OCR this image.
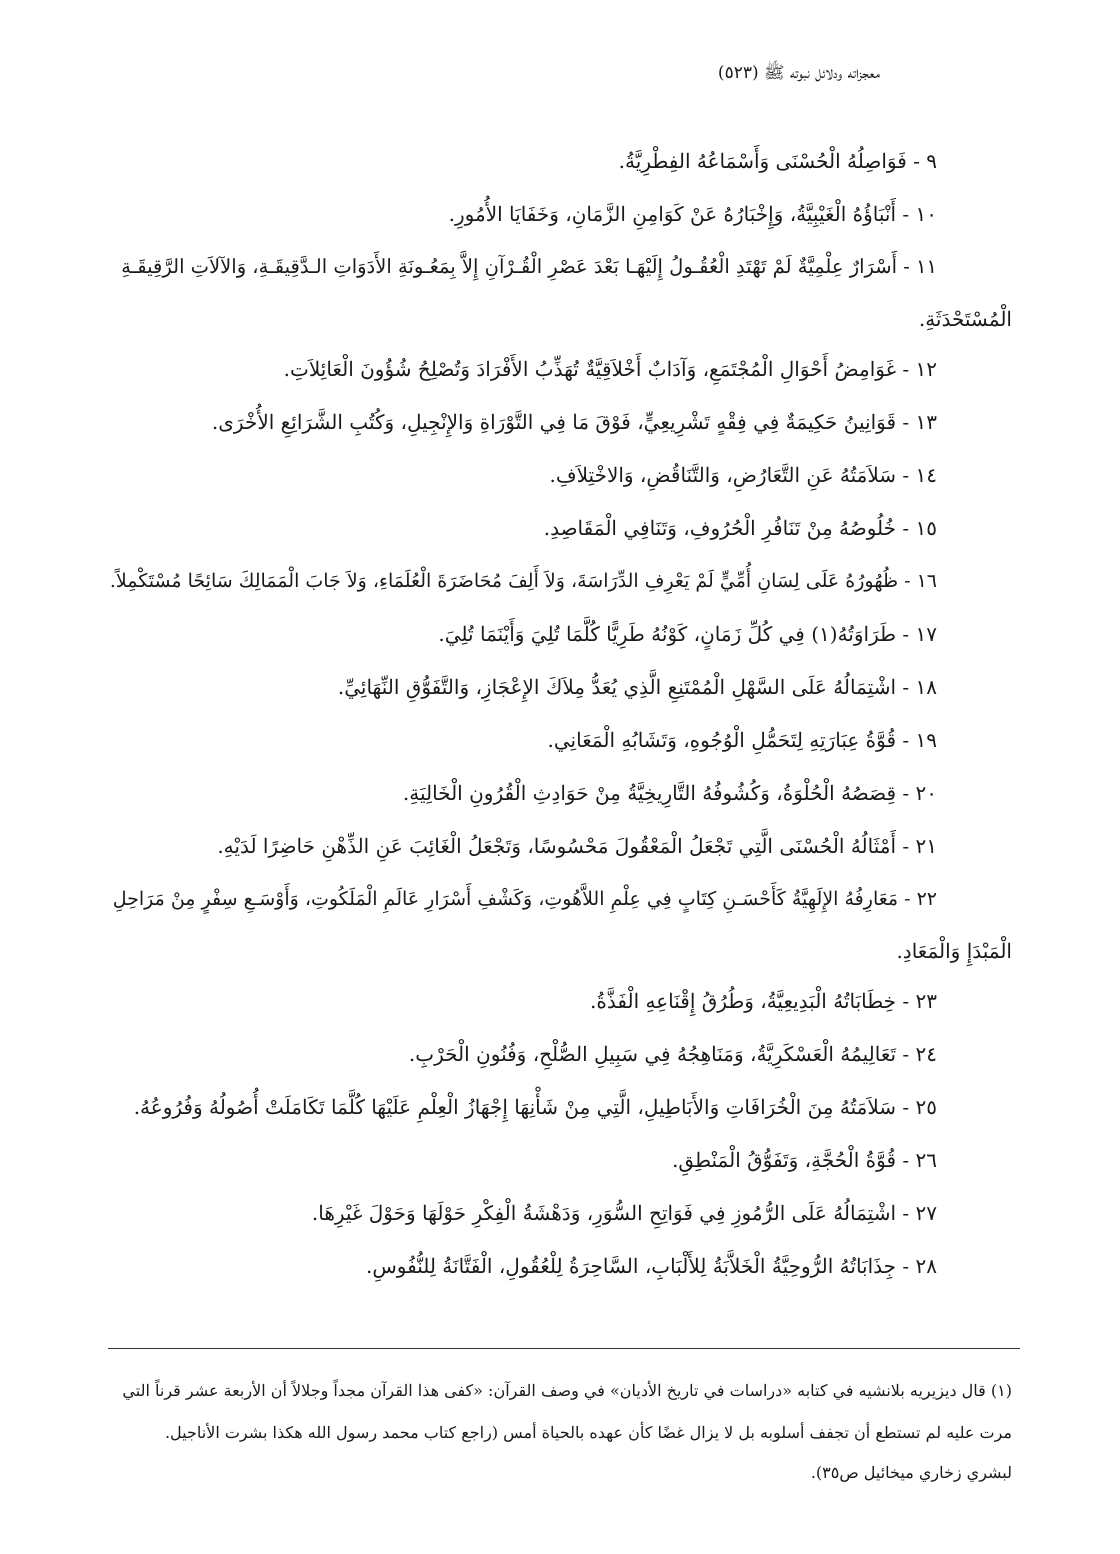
معجزاته ودلائل نبوته ﷺ (٥٢٣)
٩ - فَوَاصِلُهُ الْحُسْنَى وَأَسْمَاعُهُ الفِطْرِيَّةُ.
١٠ - أَنْبَاؤُهُ الْغَيْبِيَّةُ، وَإِخْبَارُهُ عَنْ كَوَامِنِ الزَّمَانِ، وَخَفَايَا الأُمُورِ.
١١ - أَسْرَارٌ عِلْمِيَّةٌ لَمْ تَهْتَدِ الْعُقُـولُ إِلَيْهَـا بَعْدَ عَصْرِ الْقُـرْآنِ إِلاَّ بِمَعُـونَةِ الأَدَوَاتِ الـدَّقِيقَـةِ، وَالآلاَتِ الرَّقِيقَـةِ
الْمُسْتَحْدَثَةِ.
١٢ - غَوَامِضُ أَحْوَالِ الْمُجْتَمَعِ، وَآدَابٌ أَخْلاَقِيَّةٌ تُهَذِّبُ الأَفْرَادَ وَتُصْلِحُ شُؤُونَ الْعَائِلاَتِ.
١٣ - قَوَانِينُ حَكِيمَةٌ فِي فِقْهٍ تَشْرِيعِيٍّ، فَوْقَ مَا فِي التَّوْرَاةِ وَالإِنْجِيلِ، وَكُتُبِ الشَّرَائِعِ الأُخْرَى.
١٤ - سَلاَمَتُهُ عَنِ التَّعَارُضِ، وَالتَّنَاقُضِ، وَالاخْتِلاَفِ.
١٥ - خُلُوصُهُ مِنْ تَنَافُرِ الْحُرُوفِ، وَتَنَافِي الْمَقَاصِدِ.
١٦ - ظُهُورُهُ عَلَى لِسَانِ أُمِّيٍّ لَمْ يَعْرِفِ الدِّرَاسَةَ، وَلاَ أَلِفَ مُحَاضَرَةَ الْعُلَمَاءِ، وَلاَ جَابَ الْمَمَالِكَ سَائِحًا مُسْتَكْمِلاً.
١٧ - طَرَاوَتُهُ(١) فِي كُلِّ زَمَانٍ، كَوْنُهُ طَرِيًّا كُلَّمَا تُلِيَ وَأَيْنَمَا تُلِيَ.
١٨ - اشْتِمَالُهُ عَلَى السَّهْلِ الْمُمْتَنِعِ الَّذِي يُعَدُّ مِلاَكَ الإِعْجَازِ، وَالتَّفَوُّقِ النِّهَائِيِّ.
١٩ - قُوَّةُ عِبَارَتِهِ لِتَحَمُّلِ الْوُجُوهِ، وَتَشَابُهِ الْمَعَانِي.
٢٠ - قِصَصُهُ الْحُلْوَةُ، وَكُشُوفُهُ التَّارِيخِيَّةُ مِنْ حَوَادِثِ الْقُرُونِ الْخَالِيَةِ.
٢١ - أَمْثَالُهُ الْحُسْنَى الَّتِي تَجْعَلُ الْمَعْقُولَ مَحْسُوسًا، وَتَجْعَلُ الْغَائِبَ عَنِ الذِّهْنِ حَاضِرًا لَدَيْهِ.
٢٢ - مَعَارِفُهُ الإِلَهِيَّةُ كَأَحْسَـنِ كِتَابٍ فِي عِلْمِ اللاَّهُوتِ، وَكَشْفِ أَسْرَارِ عَالَمِ الْمَلَكُوتِ، وَأَوْسَـعِ سِفْرٍ مِنْ مَرَاحِلِ
الْمَبْدَإِ وَالْمَعَادِ.
٢٣ - خِطَابَاتُهُ الْبَدِيعِيَّةُ، وَطُرُقُ إِقْنَاعِهِ الْفَذَّةُ.
٢٤ - تَعَالِيمُهُ الْعَسْكَرِيَّةُ، وَمَنَاهِجُهُ فِي سَبِيلِ الصُّلْحِ، وَفُنُونِ الْحَرْبِ.
٢٥ - سَلاَمَتُهُ مِنَ الْخُرَافَاتِ وَالأَبَاطِيلِ، الَّتِي مِنْ شَأْنِهَا إِجْهَازُ الْعِلْمِ عَلَيْهَا كُلَّمَا تَكَامَلَتْ أُصُولُهُ وَفُرُوعُهُ.
٢٦ - قُوَّةُ الْحُجَّةِ، وَتَفَوُّقُ الْمَنْطِقِ.
٢٧ - اشْتِمَالُهُ عَلَى الرُّمُوزِ فِي فَوَاتِحِ السُّوَرِ، وَدَهْشَةُ الْفِكْرِ حَوْلَهَا وَحَوْلَ غَيْرِهَا.
٢٨ - جِذَابَاتُهُ الرُّوحِيَّةُ الْخَلاَّبَةُ لِلأَلْبَابِ، السَّاحِرَةُ لِلْعُقُولِ، الْفَتَّانَةُ لِلنُّفُوسِ.
(١) قال ديزيريه بلانشيه في كتابه «دراسات في تاريخ الأديان» في وصف القرآن: «كفى هذا القرآن مجداً وجلالاً أن الأربعة عشر قرناً التي
مرت عليه لم تستطع أن تجفف أسلوبه بل لا يزال غضًا كأن عهده بالحياة أمس (راجع كتاب محمد رسول الله هكذا بشرت الأناجيل.
لبشري زخاري ميخائيل ص٣٥).
